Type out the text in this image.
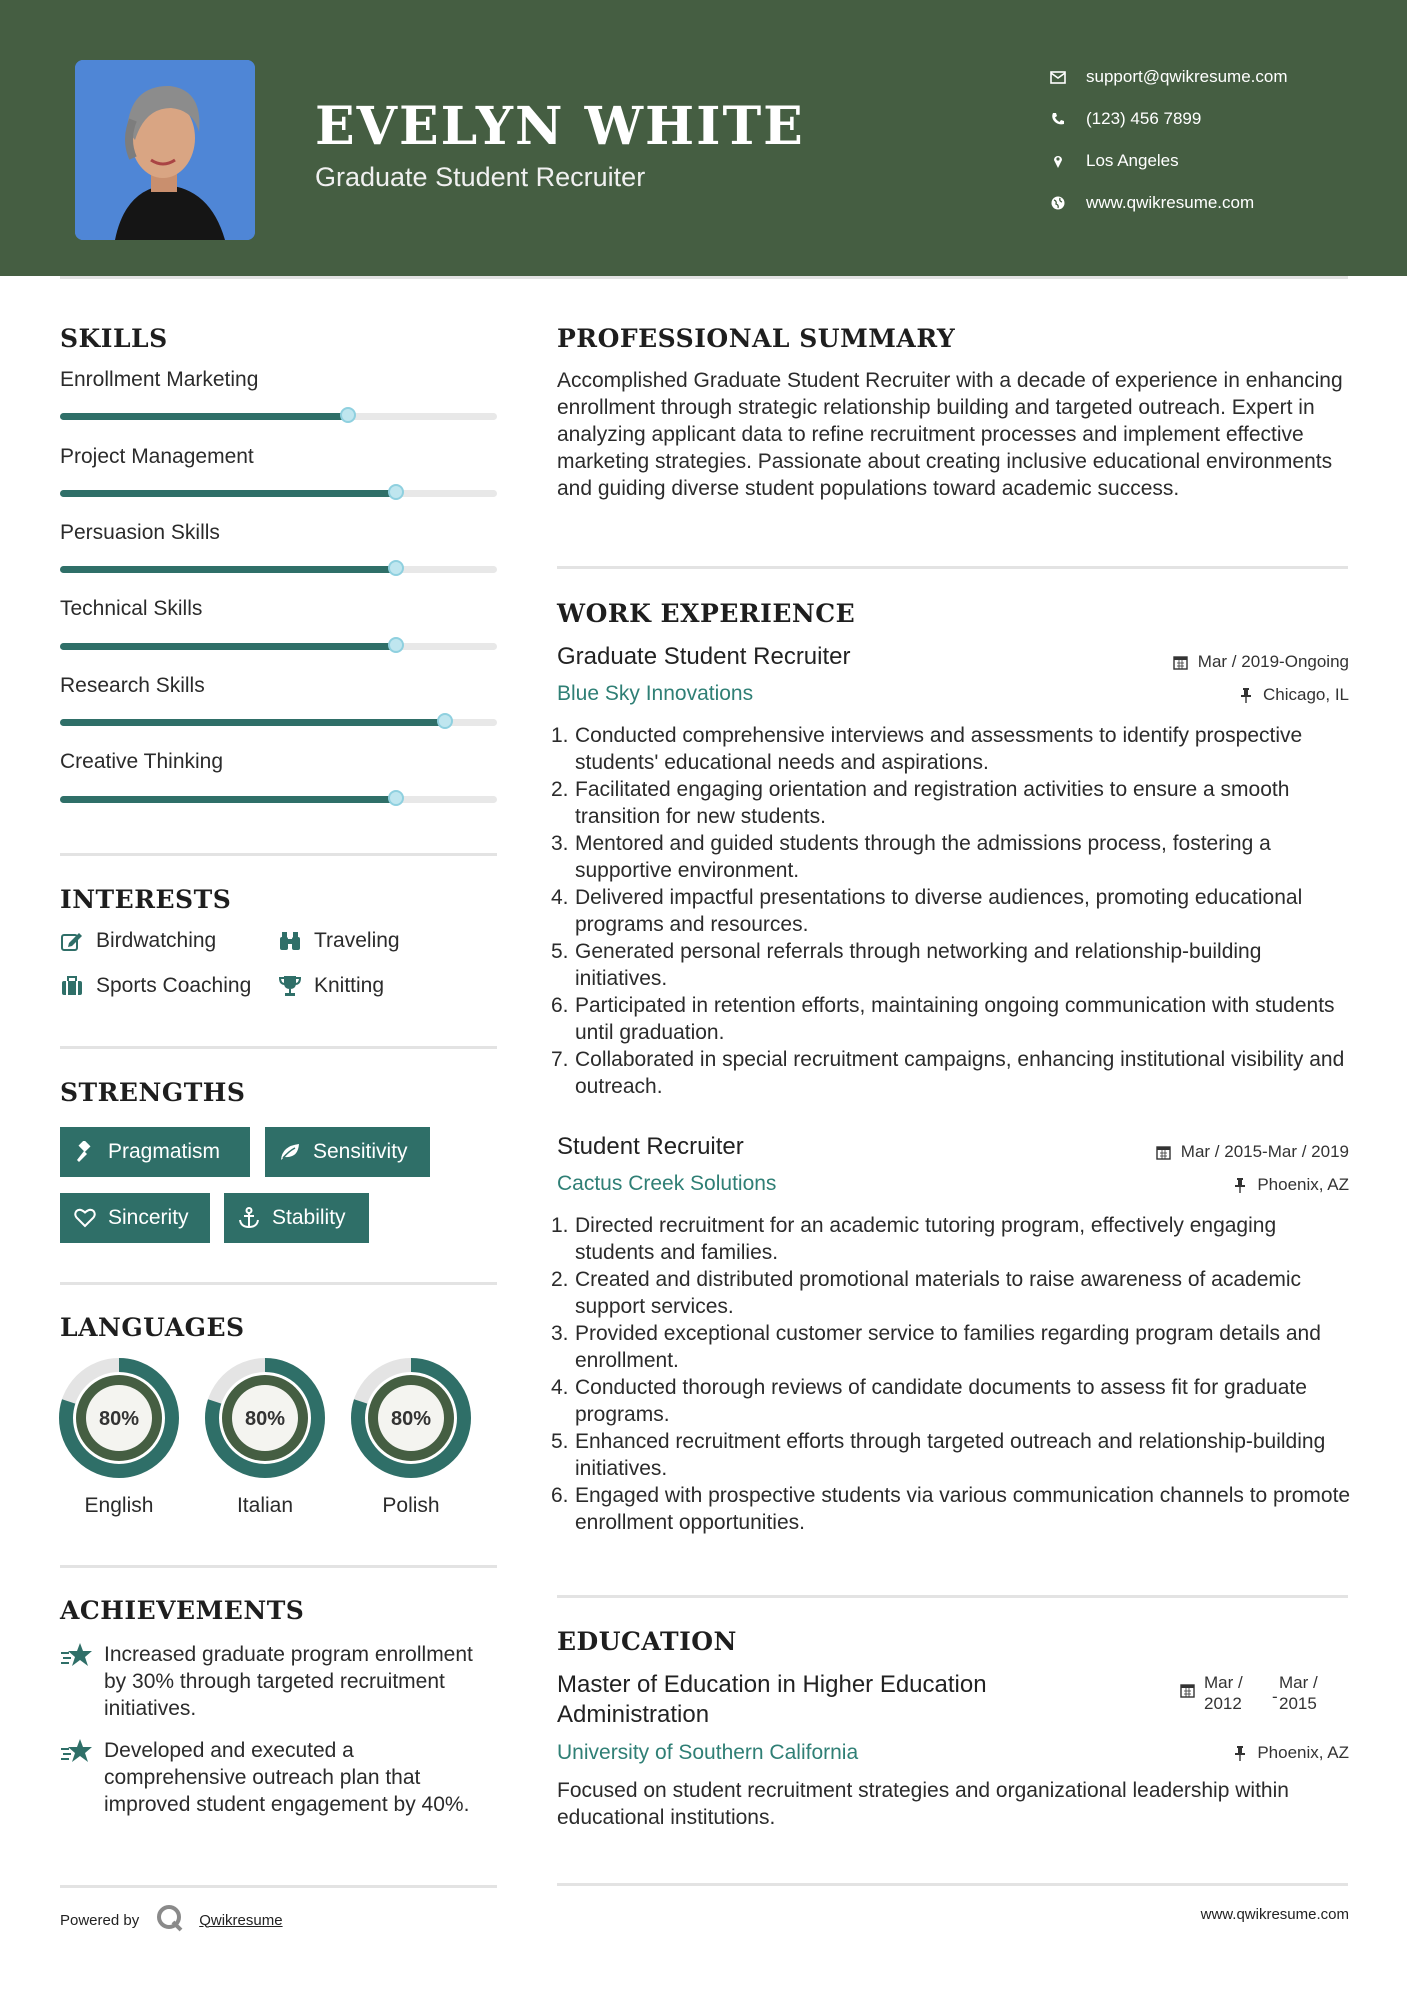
EVELYN WHITE
Graduate Student Recruiter
support@qwikresume.com
(123) 456 7899
Los Angeles
www.qwikresume.com
SKILLS
Enrollment Marketing
Project Management
Persuasion Skills
Technical Skills
Research Skills
Creative Thinking
INTERESTS
Birdwatching	Traveling
Sports Coaching	Knitting
STRENGTHS
Pragmatism	Sensitivity
Sincerity	Stability
LANGUAGES
80%
English
80%
Italian
80%
Polish
ACHIEVEMENTS
Increased graduate program enrollment by 30% through targeted recruitment initiatives.
Developed and executed a comprehensive outreach plan that improved student engagement by 40%.
PROFESSIONAL SUMMARY
Accomplished Graduate Student Recruiter with a decade of experience in enhancing enrollment through strategic relationship building and targeted outreach. Expert in analyzing applicant data to refine recruitment processes and implement effective marketing strategies. Passionate about creating inclusive educational environments and guiding diverse student populations toward academic success.
WORK EXPERIENCE
Graduate Student Recruiter	Mar / 2019-Ongoing
Blue Sky Innovations	Chicago, IL
1. Conducted comprehensive interviews and assessments to identify prospective students' educational needs and aspirations.
2. Facilitated engaging orientation and registration activities to ensure a smooth transition for new students.
3. Mentored and guided students through the admissions process, fostering a supportive environment.
4. Delivered impactful presentations to diverse audiences, promoting educational programs and resources.
5. Generated personal referrals through networking and relationship-building initiatives.
6. Participated in retention efforts, maintaining ongoing communication with students until graduation.
7. Collaborated in special recruitment campaigns, enhancing institutional visibility and outreach.
Student Recruiter	Mar / 2015-Mar / 2019
Cactus Creek Solutions	Phoenix, AZ
1. Directed recruitment for an academic tutoring program, effectively engaging students and families.
2. Created and distributed promotional materials to raise awareness of academic support services.
3. Provided exceptional customer service to families regarding program details and enrollment.
4. Conducted thorough reviews of candidate documents to assess fit for graduate programs.
5. Enhanced recruitment efforts through targeted outreach and relationship-building initiatives.
6. Engaged with prospective students via various communication channels to promote enrollment opportunities.
EDUCATION
Master of Education in Higher Education
Administration
Mar /
2012 -
Mar /
2015
University of Southern California	Phoenix, AZ
Focused on student recruitment strategies and organizational leadership within educational institutions.
Powered by	Qwikresume	www.qwikresume.com
